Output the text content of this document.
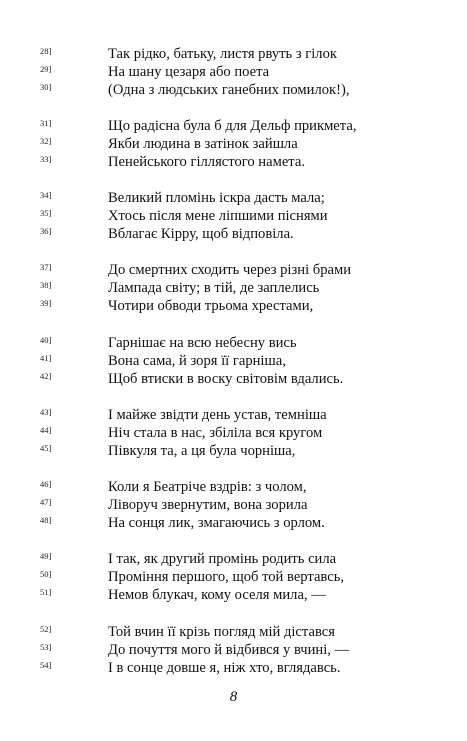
28]	Так рідко, батьку, листя рвуть з гілок
29]	На шану цезаря або поета
30]	(Одна з людських ганебних помилок!),
31]	Що радісна була б для Дельф прикмета,
32]	Якби людина в затінок зайшла
33]	Пенейського гіллястого намета.
34]	Великий пломінь іскра дасть мала;
35]	Хтось після мене ліпшими піснями
36]	Вблагає Кірру, щоб відповіла.
37]	До смертних сходить через різні брами
38]	Лампада світу; в тій, де заплелись
39]	Чотири обводи трьома хрестами,
40]	Гарнішає на всю небесну вись
41]	Вона сама, й зоря її гарніша,
42]	Щоб втиски в воску світовім вдались.
43]	І майже звідти день устав, темніша
44]	Ніч стала в нас, збіліла вся кругом
45]	Півкуля та, а ця була чорніша,
46]	Коли я Беатріче вздрів: з чолом,
47]	Ліворуч звернутим, вона зорила
48]	На сонця лик, змагаючись з орлом.
49]	І так, як другий промінь родить сила
50]	Проміння першого, щоб той вертавсь,
51]	Немов блукач, кому оселя мила, —
52]	Той вчин її крізь погляд мій дістався
53]	До почуття мого й відбився у вчині, —
54]	І в сонце довше я, ніж хто, вглядавсь.
8
